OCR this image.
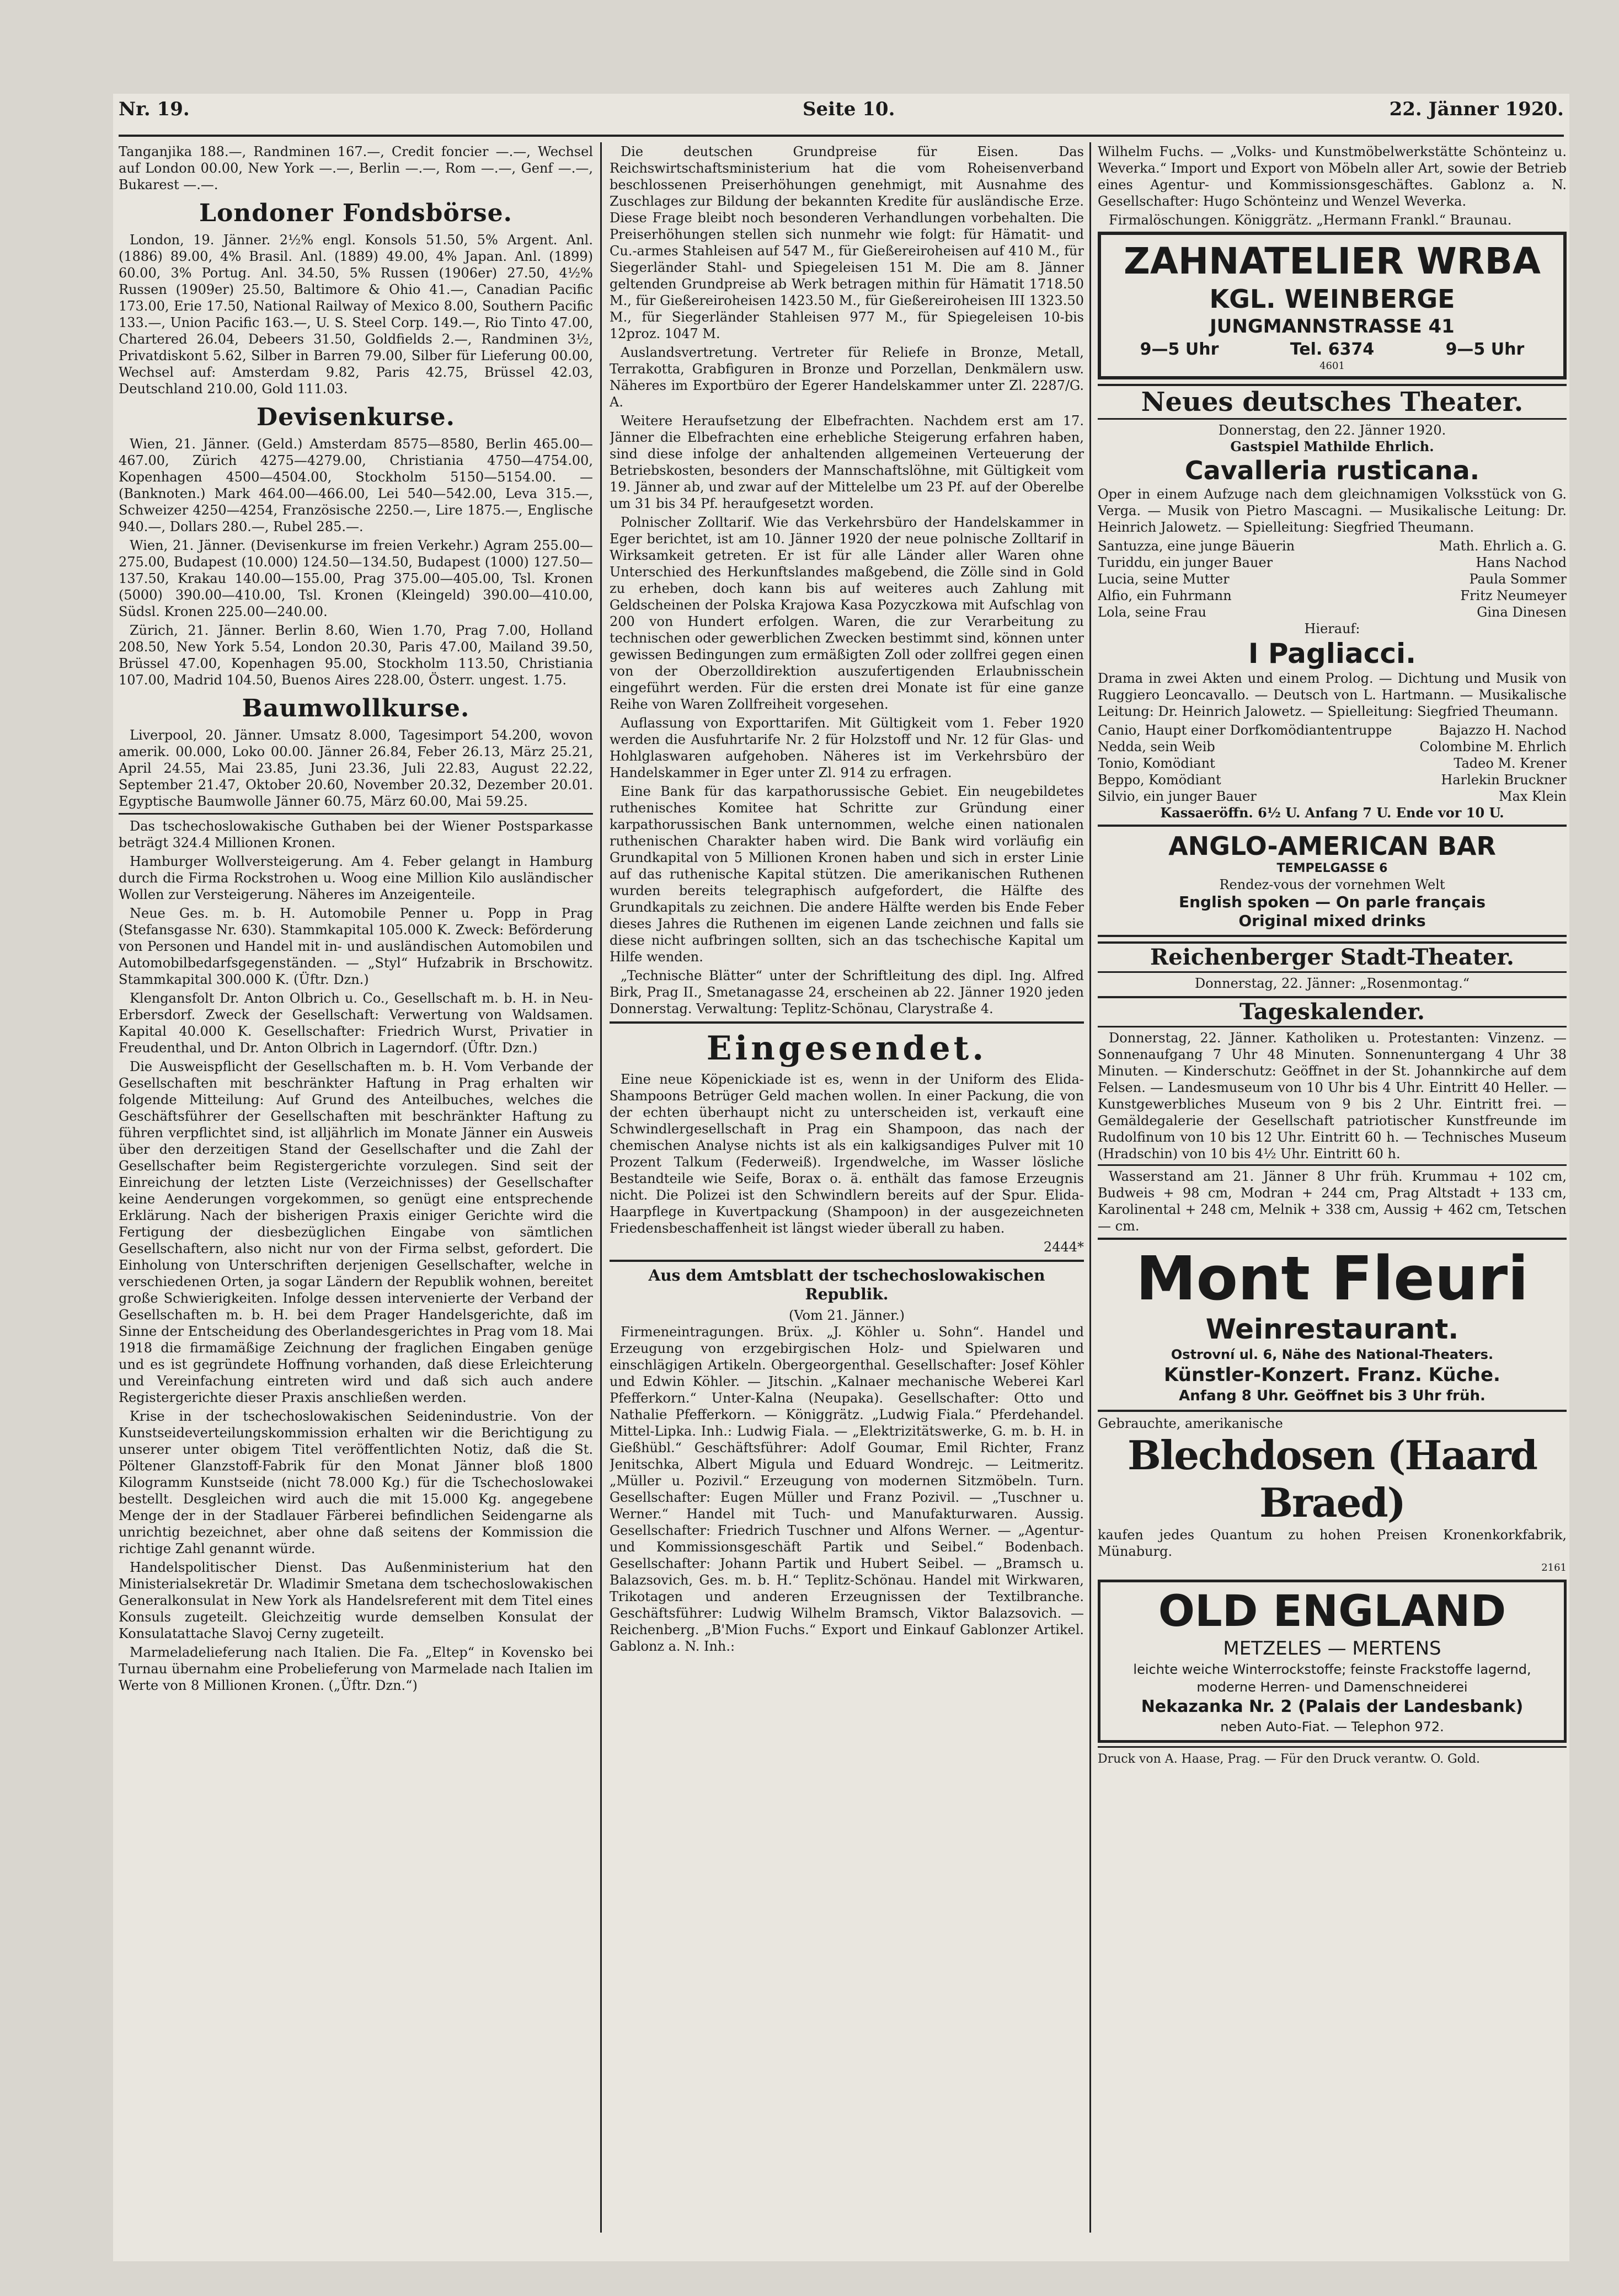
Nr. 19.	Seite 10.	22. Jänner 1920.

Tanganjika 188.—, Randminen 167.—, Credit foncier —.—, Wechsel auf London 00.00, New York —.—, Berlin —.—, Rom —.—, Genf —.—, Bukarest —.—.

Londoner Fondsbörse.

London, 19. Jänner. 2½% engl. Konsols 51.50, 5% Argent. Anl. (1886) 89.00, 4% Brasil. Anl. (1889) 49.00, 4% Japan. Anl. (1899) 60.00, 3% Portug. Anl. 34.50, 5% Russen (1906er) 27.50, 4½% Russen (1909er) 25.50, Baltimore & Ohio 41.—, Canadian Pacific 173.00, Erie 17.50, National Railway of Mexico 8.00, Southern Pacific 133.—, Union Pacific 163.—, U. S. Steel Corp. 149.—, Rio Tinto 47.00, Chartered 26.04, Debeers 31.50, Goldfields 2.—, Randminen 3½, Privatdiskont 5.62, Silber in Barren 79.00, Silber für Lieferung 00.00, Wechsel auf: Amsterdam 9.82, Paris 42.75, Brüssel 42.03, Deutschland 210.00, Gold 111.03.

Devisenkurse.

Wien, 21. Jänner. (Geld.) Amsterdam 8575—8580, Berlin 465.00—467.00, Zürich 4275—4279.00, Christiania 4750—4754.00, Kopenhagen 4500—4504.00, Stockholm 5150—5154.00. — (Banknoten.) Mark 464.00—466.00, Lei 540—542.00, Leva 315.—, Schweizer 4250—4254, Französische 2250.—, Lire 1875.—, Englische 940.—, Dollars 280.—, Rubel 285.—.

Wien, 21. Jänner. (Devisenkurse im freien Verkehr.) Agram 255.00—275.00, Budapest (10.000) 124.50—134.50, Budapest (1000) 127.50—137.50, Krakau 140.00—155.00, Prag 375.00—405.00, Tsl. Kronen (5000) 390.00—410.00, Tsl. Kronen (Kleingeld) 390.00—410.00, Südsl. Kronen 225.00—240.00.

Zürich, 21. Jänner. Berlin 8.60, Wien 1.70, Prag 7.00, Holland 208.50, New York 5.54, London 20.30, Paris 47.00, Mailand 39.50, Brüssel 47.00, Kopenhagen 95.00, Stockholm 113.50, Christiania 107.00, Madrid 104.50, Buenos Aires 228.00, Österr. ungest. 1.75.

Baumwollkurse.

Liverpool, 20. Jänner. Umsatz 8.000, Tagesimport 54.200, wovon amerik. 00.000, Loko 00.00. Jänner 26.84, Feber 26.13, März 25.21, April 24.55, Mai 23.85, Juni 23.36, Juli 22.83, August 22.22, September 21.47, Oktober 20.60, November 20.32, Dezember 20.01. Egyptische Baumwolle Jänner 60.75, März 60.00, Mai 59.25.

Das tschechoslowakische Guthaben bei der Wiener Postsparkasse beträgt 324.4 Millionen Kronen.

Hamburger Wollversteigerung. Am 4. Feber gelangt in Hamburg durch die Firma Rockstrohen u. Woog eine Million Kilo ausländischer Wollen zur Versteigerung. Näheres im Anzeigenteile.

Neue Ges. m. b. H. Automobile Penner u. Popp in Prag (Stefansgasse Nr. 630). Stammkapital 105.000 K. Zweck: Beförderung von Personen und Handel mit in- und ausländischen Automobilen und Automobilbedarfsgegenständen. — „Styl“ Hufzabrik in Brschowitz. Stammkapital 300.000 K. (Üftr. Dzn.)

Klengansfolt Dr. Anton Olbrich u. Co., Gesellschaft m. b. H. in Neu-Erbersdorf. Zweck der Gesellschaft: Verwertung von Waldsamen. Kapital 40.000 K. Gesellschafter: Friedrich Wurst, Privatier in Freudenthal, und Dr. Anton Olbrich in Lagerndorf. (Üftr. Dzn.)

Die Ausweispflicht der Gesellschaften m. b. H. Vom Verbande der Gesellschaften mit beschränkter Haftung in Prag erhalten wir folgende Mitteilung: Auf Grund des Anteilbuches, welches die Geschäftsführer der Gesellschaften mit beschränkter Haftung zu führen verpflichtet sind, ist alljährlich im Monate Jänner ein Ausweis über den derzeitigen Stand der Gesellschafter und die Zahl der Gesellschafter beim Registergerichte vorzulegen. Sind seit der Einreichung der letzten Liste (Verzeichnisses) der Gesellschafter keine Aenderungen vorgekommen, so genügt eine entsprechende Erklärung. Nach der bisherigen Praxis einiger Gerichte wird die Fertigung der diesbezüglichen Eingabe von sämtlichen Gesellschaftern, also nicht nur von der Firma selbst, gefordert. Die Einholung von Unterschriften derjenigen Gesellschafter, welche in verschiedenen Orten, ja sogar Ländern der Republik wohnen, bereitet große Schwierigkeiten. Infolge dessen intervenierte der Verband der Gesellschaften m. b. H. bei dem Prager Handelsgerichte, daß im Sinne der Entscheidung des Oberlandesgerichtes in Prag vom 18. Mai 1918 die firmamäßige Zeichnung der fraglichen Eingaben genüge und es ist gegründete Hoffnung vorhanden, daß diese Erleichterung und Vereinfachung eintreten wird und daß sich auch andere Registergerichte dieser Praxis anschließen werden.

Krise in der tschechoslowakischen Seidenindustrie. Von der Kunstseideverteilungskommission erhalten wir die Berichtigung zu unserer unter obigem Titel veröffentlichten Notiz, daß die St. Pöltener Glanzstoff-Fabrik für den Monat Jänner bloß 1800 Kilogramm Kunstseide (nicht 78.000 Kg.) für die Tschechoslowakei bestellt. Desgleichen wird auch die mit 15.000 Kg. angegebene Menge der in der Stadlauer Färberei befindlichen Seidengarne als unrichtig bezeichnet, aber ohne daß seitens der Kommission die richtige Zahl genannt würde.

Handelspolitischer Dienst. Das Außenministerium hat den Ministerialsekretär Dr. Wladimir Smetana dem tschechoslowakischen Generalkonsulat in New York als Handelsreferent mit dem Titel eines Konsuls zugeteilt. Gleichzeitig wurde demselben Konsulat der Konsulatattache Slavoj Cerny zugeteilt.

Marmeladelieferung nach Italien. Die Fa. „Eltep“ in Kovensko bei Turnau übernahm eine Probelieferung von Marmelade nach Italien im Werte von 8 Millionen Kronen. („Üftr. Dzn.“)

Die deutschen Grundpreise für Eisen. Das Reichswirtschaftsministerium hat die vom Roheisenverband beschlossenen Preiserhöhungen genehmigt, mit Ausnahme des Zuschlages zur Bildung der bekannten Kredite für ausländische Erze. Diese Frage bleibt noch besonderen Verhandlungen vorbehalten. Die Preiserhöhungen stellen sich nunmehr wie folgt: für Hämatit- und Cu.-armes Stahleisen auf 547 M., für Gießereiroheisen auf 410 M., für Siegerländer Stahl- und Spiegeleisen 151 M. Die am 8. Jänner geltenden Grundpreise ab Werk betragen mithin für Hämatit 1718.50 M., für Gießereiroheisen 1423.50 M., für Gießereiroheisen III 1323.50 M., für Siegerländer Stahleisen 977 M., für Spiegeleisen 10-bis 12proz. 1047 M.

Auslandsvertretung. Vertreter für Reliefe in Bronze, Metall, Terrakotta, Grabfiguren in Bronze und Porzellan, Denkmälern usw. Näheres im Exportbüro der Egerer Handelskammer unter Zl. 2287/G. A.

Weitere Heraufsetzung der Elbefrachten. Nachdem erst am 17. Jänner die Elbefrachten eine erhebliche Steigerung erfahren haben, sind diese infolge der anhaltenden allgemeinen Verteuerung der Betriebskosten, besonders der Mannschaftslöhne, mit Gültigkeit vom 19. Jänner ab, und zwar auf der Mittelelbe um 23 Pf. auf der Oberelbe um 31 bis 34 Pf. heraufgesetzt worden.

Polnischer Zolltarif. Wie das Verkehrsbüro der Handelskammer in Eger berichtet, ist am 10. Jänner 1920 der neue polnische Zolltarif in Wirksamkeit getreten. Er ist für alle Länder aller Waren ohne Unterschied des Herkunftslandes maßgebend, die Zölle sind in Gold zu erheben, doch kann bis auf weiteres auch Zahlung mit Geldscheinen der Polska Krajowa Kasa Pozyczkowa mit Aufschlag von 200 von Hundert erfolgen. Waren, die zur Verarbeitung zu technischen oder gewerblichen Zwecken bestimmt sind, können unter gewissen Bedingungen zum ermäßigten Zoll oder zollfrei gegen einen von der Oberzolldirektion auszufertigenden Erlaubnisschein eingeführt werden. Für die ersten drei Monate ist für eine ganze Reihe von Waren Zollfreiheit vorgesehen.

Auflassung von Exporttarifen. Mit Gültigkeit vom 1. Feber 1920 werden die Ausfuhrtarife Nr. 2 für Holzstoff und Nr. 12 für Glas- und Hohlglaswaren aufgehoben. Näheres ist im Verkehrsbüro der Handelskammer in Eger unter Zl. 914 zu erfragen.

Eine Bank für das karpathorussische Gebiet. Ein neugebildetes ruthenisches Komitee hat Schritte zur Gründung einer karpathorussischen Bank unternommen, welche einen nationalen ruthenischen Charakter haben wird. Die Bank wird vorläufig ein Grundkapital von 5 Millionen Kronen haben und sich in erster Linie auf das ruthenische Kapital stützen. Die amerikanischen Ruthenen wurden bereits telegraphisch aufgefordert, die Hälfte des Grundkapitals zu zeichnen. Die andere Hälfte werden bis Ende Feber dieses Jahres die Ruthenen im eigenen Lande zeichnen und falls sie diese nicht aufbringen sollten, sich an das tschechische Kapital um Hilfe wenden.

„Technische Blätter“ unter der Schriftleitung des dipl. Ing. Alfred Birk, Prag II., Smetanagasse 24, erscheinen ab 22. Jänner 1920 jeden Donnerstag. Verwaltung: Teplitz-Schönau, Clarystraße 4.

Eingesendet.

Eine neue Köpenickiade ist es, wenn in der Uniform des Elida-Shampoons Betrüger Geld machen wollen. In einer Packung, die von der echten überhaupt nicht zu unterscheiden ist, verkauft eine Schwindlergesellschaft in Prag ein Shampoon, das nach der chemischen Analyse nichts ist als ein kalkigsandiges Pulver mit 10 Prozent Talkum (Federweiß). Irgendwelche, im Wasser lösliche Bestandteile wie Seife, Borax o. ä. enthält das famose Erzeugnis nicht. Die Polizei ist den Schwindlern bereits auf der Spur. Elida-Haarpflege in Kuvertpackung (Shampoon) in der ausgezeichneten Friedensbeschaffenheit ist längst wieder überall zu haben.

2444*
Aus dem Amtsblatt der tschechoslowakischen Republik.
(Vom 21. Jänner.)

Firmeneintragungen. Brüx. „J. Köhler u. Sohn“. Handel und Erzeugung von erzgebirgischen Holz- und Spielwaren und einschlägigen Artikeln. Obergeorgenthal. Gesellschafter: Josef Köhler und Edwin Köhler. — Jitschin. „Kalnaer mechanische Weberei Karl Pfefferkorn.“ Unter-Kalna (Neupaka). Gesellschafter: Otto und Nathalie Pfefferkorn. — Königgrätz. „Ludwig Fiala.“ Pferdehandel. Mittel-Lipka. Inh.: Ludwig Fiala. — „Elektrizitätswerke, G. m. b. H. in Gießhübl.“ Geschäftsführer: Adolf Goumar, Emil Richter, Franz Jenitschka, Albert Migula und Eduard Wondrejc. — Leitmeritz. „Müller u. Pozivil.“ Erzeugung von modernen Sitzmöbeln. Turn. Gesellschafter: Eugen Müller und Franz Pozivil. — „Tuschner u. Werner.“ Handel mit Tuch- und Manufakturwaren. Aussig. Gesellschafter: Friedrich Tuschner und Alfons Werner. — „Agentur- und Kommissionsgeschäft Partik und Seibel.“ Bodenbach. Gesellschafter: Johann Partik und Hubert Seibel. — „Bramsch u. Balazsovich, Ges. m. b. H.“ Teplitz-Schönau. Handel mit Wirkwaren, Trikotagen und anderen Erzeugnissen der Textilbranche. Geschäftsführer: Ludwig Wilhelm Bramsch, Viktor Balazsovich. — Reichenberg. „B'Mion Fuchs.“ Export und Einkauf Gablonzer Artikel. Gablonz a. N. Inh.:

Wilhelm Fuchs. — „Volks- und Kunstmöbelwerkstätte Schönteinz u. Weverka.“ Import und Export von Möbeln aller Art, sowie der Betrieb eines Agentur- und Kommissionsgeschäftes. Gablonz a. N. Gesellschafter: Hugo Schönteinz und Wenzel Weverka.

Firmalöschungen. Königgrätz. „Hermann Frankl.“ Braunau.

ZAHNATELIER WRBA
KGL. WEINBERGE
JUNGMANNSTRASSE 41
9—5 Uhr	Tel. 6374	9—5 Uhr
4601
Neues deutsches Theater.
Donnerstag, den 22. Jänner 1920.
Gastspiel Mathilde Ehrlich.
Cavalleria rusticana.

Oper in einem Aufzuge nach dem gleichnamigen Volksstück von G. Verga. — Musik von Pietro Mascagni. — Musikalische Leitung: Dr. Heinrich Jalowetz. — Spielleitung: Siegfried Theumann.

Santuzza, eine junge Bäuerin	Math. Ehrlich a. G.
Turiddu, ein junger Bauer	Hans Nachod
Lucia, seine Mutter	Paula Sommer
Alfio, ein Fuhrmann	Fritz Neumeyer
Lola, seine Frau	Gina Dinesen
Hierauf:
I Pagliacci.

Drama in zwei Akten und einem Prolog. — Dichtung und Musik von Ruggiero Leoncavallo. — Deutsch von L. Hartmann. — Musikalische Leitung: Dr. Heinrich Jalowetz. — Spielleitung: Siegfried Theumann.

Canio, Haupt einer Dorfkomödiantentruppe	Bajazzo H. Nachod
Nedda, sein Weib	Colombine M. Ehrlich
Tonio, Komödiant	Tadeo M. Krener
Beppo, Komödiant	Harlekin Bruckner
Silvio, ein junger Bauer	Max Klein
Kassaeröffn. 6½ U. Anfang 7 U. Ende vor 10 U.
ANGLO-AMERICAN BAR
TEMPELGASSE 6
Rendez-vous der vornehmen Welt
English spoken — On parle français
Original mixed drinks
Reichenberger Stadt-Theater.
Donnerstag, 22. Jänner: „Rosenmontag.“
Tageskalender.

Donnerstag, 22. Jänner. Katholiken u. Protestanten: Vinzenz. — Sonnenaufgang 7 Uhr 48 Minuten. Sonnenuntergang 4 Uhr 38 Minuten. — Kinderschutz: Geöffnet in der St. Johannkirche auf dem Felsen. — Landesmuseum von 10 Uhr bis 4 Uhr. Eintritt 40 Heller. — Kunstgewerbliches Museum von 9 bis 2 Uhr. Eintritt frei. — Gemäldegalerie der Gesellschaft patriotischer Kunstfreunde im Rudolfinum von 10 bis 12 Uhr. Eintritt 60 h. — Technisches Museum (Hradschin) von 10 bis 4½ Uhr. Eintritt 60 h.

Wasserstand am 21. Jänner 8 Uhr früh. Krummau + 102 cm, Budweis + 98 cm, Modran + 244 cm, Prag Altstadt + 133 cm, Karolinental + 248 cm, Melnik + 338 cm, Aussig + 462 cm, Tetschen — cm.

Mont Fleuri
Weinrestaurant.
Ostrovní ul. 6, Nähe des National-Theaters.
Künstler-Konzert. Franz. Küche.
Anfang 8 Uhr. Geöffnet bis 3 Uhr früh.
Gebrauchte, amerikanische
Blechdosen (Haard Braed)
kaufen jedes Quantum zu hohen Preisen Kronenkorkfabrik, Münaburg.
2161
OLD ENGLAND
METZELES — MERTENS
leichte weiche Winterrockstoffe; feinste Frackstoffe lagernd, moderne Herren- und Damenschneiderei
Nekazanka Nr. 2 (Palais der Landesbank)
neben Auto-Fiat. — Telephon 972.
Druck von A. Haase, Prag. — Für den Druck verantw. O. Gold.
